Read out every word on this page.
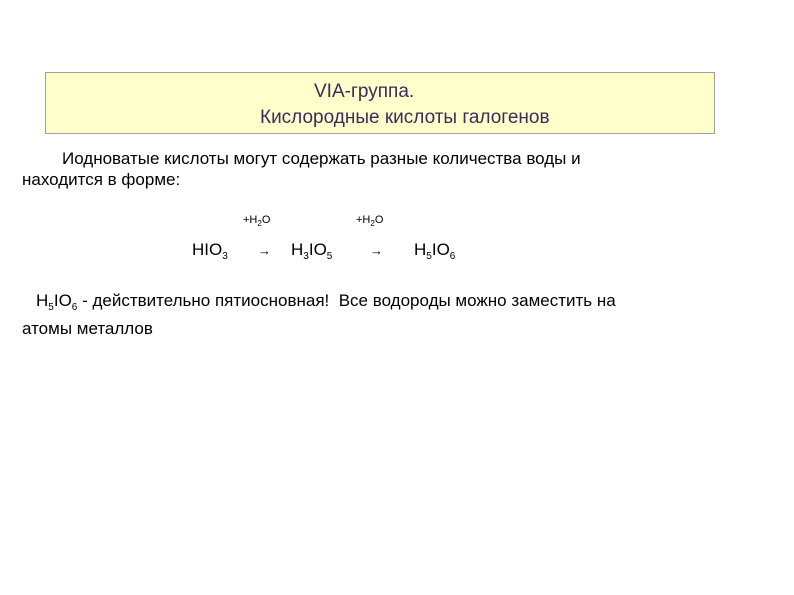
VIA-группа.
Кислородные кислоты галогенов
Иодноватые кислоты могут содержать разные количества воды и
находится в форме:
$+H_2O$	$+H_2O$
$HIO_3 \to H_3IO_5$	→ $H_5IO_6$
$H_5IO_6$ - действительно пятиосновная!  Все водороды можно заместить на
атомы металлов
